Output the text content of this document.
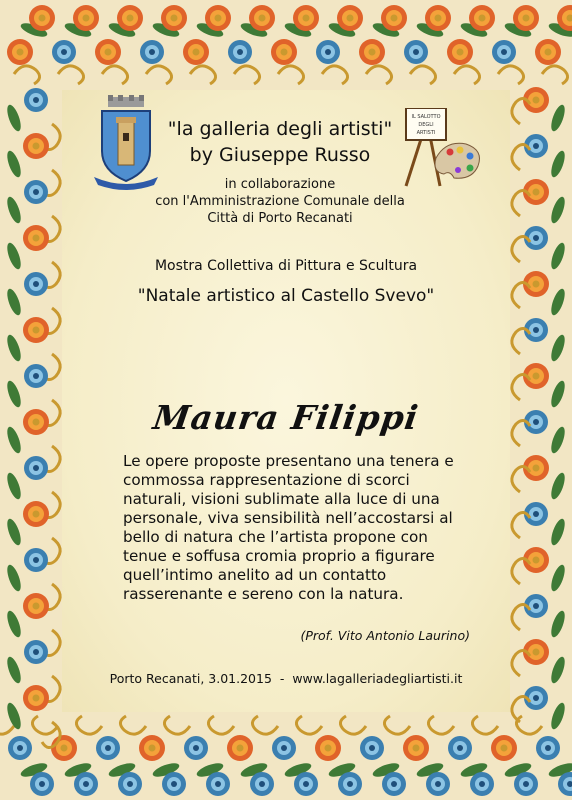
IL SALOTTO
DEGLI
ARTISTI
"la galleria degli artisti"
by Giuseppe Russo
in collaborazione
con l'Amministrazione Comunale della
Città di Porto Recanati
Mostra Collettiva di Pittura e Scultura
"Natale artistico al Castello Svevo"
Maura Filippi

Le opere proposte presentano una tenera e commossa rappresentazione di scorci naturali, visioni sublimate alla luce di una personale, viva sensibilità nell’accostarsi al bello di natura che l’artista propone con tenue e soffusa cromia proprio a figurare quell’intimo anelito ad un contatto rasserenante e sereno con la natura.

(Prof. Vito Antonio Laurino)
Porto Recanati, 3.01.2015  -  www.lagalleriadegliartisti.it
